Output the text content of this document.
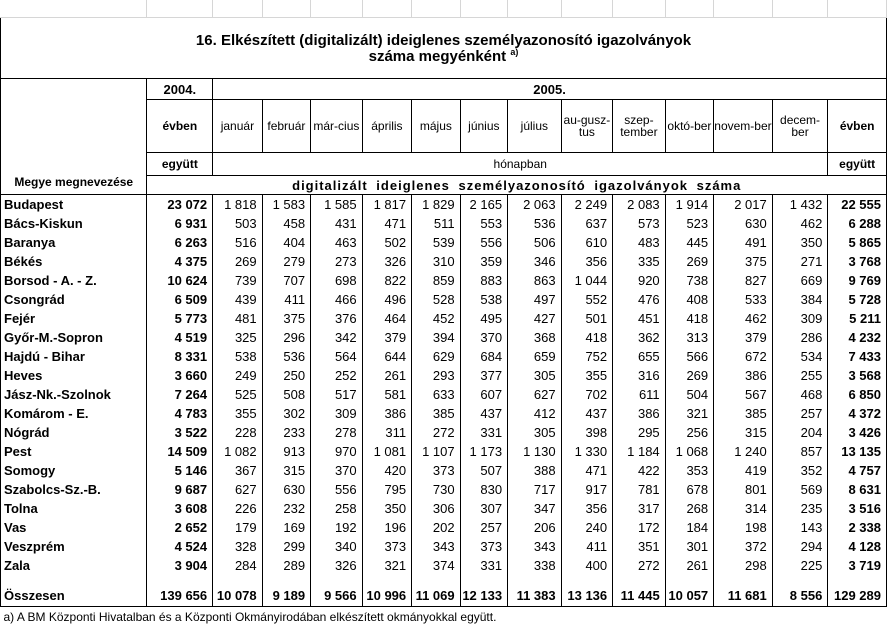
16. Elkészített (digitalizált) ideiglenes személyazonosító igazolványok
száma megyénként $^{a)}$

Megye megnevezése	2004.	2005.												
	évben	január	február	már-cius	április	május	június	július	au-gusz-tus	szep-tember	októ-ber	novem-ber	decem-ber	évben
	együtt	hónapban												együtt
	digitalizált ideiglenes személyazonosító igazolványok száma													
Budapest	23 072	1 818	1 583	1 585	1 817	1 829	2 165	2 063	2 249	2 083	1 914	2 017	1 432	22 555
Bács-Kiskun	6 931	503	458	431	471	511	553	536	637	573	523	630	462	6 288
Baranya	6 263	516	404	463	502	539	556	506	610	483	445	491	350	5 865
Békés	4 375	269	279	273	326	310	359	346	356	335	269	375	271	3 768
Borsod - A. - Z.	10 624	739	707	698	822	859	883	863	1 044	920	738	827	669	9 769
Csongrád	6 509	439	411	466	496	528	538	497	552	476	408	533	384	5 728
Fejér	5 773	481	375	376	464	452	495	427	501	451	418	462	309	5 211
Győr-M.-Sopron	4 519	325	296	342	379	394	370	368	418	362	313	379	286	4 232
Hajdú - Bihar	8 331	538	536	564	644	629	684	659	752	655	566	672	534	7 433
Heves	3 660	249	250	252	261	293	377	305	355	316	269	386	255	3 568
Jász-Nk.-Szolnok	7 264	525	508	517	581	633	607	627	702	611	504	567	468	6 850
Komárom - E.	4 783	355	302	309	386	385	437	412	437	386	321	385	257	4 372
Nógrád	3 522	228	233	278	311	272	331	305	398	295	256	315	204	3 426
Pest	14 509	1 082	913	970	1 081	1 107	1 173	1 130	1 330	1 184	1 068	1 240	857	13 135
Somogy	5 146	367	315	370	420	373	507	388	471	422	353	419	352	4 757
Szabolcs-Sz.-B.	9 687	627	630	556	795	730	830	717	917	781	678	801	569	8 631
Tolna	3 608	226	232	258	350	306	307	347	356	317	268	314	235	3 516
Vas	2 652	179	169	192	196	202	257	206	240	172	184	198	143	2 338
Veszprém	4 524	328	299	340	373	343	373	343	411	351	301	372	294	4 128
Zala	3 904	284	289	326	321	374	331	338	400	272	261	298	225	3 719

Összesen	139 656	10 078	9 189	9 566	10 996	11 069	12 133	11 383	13 136	11 445	10 057	11 681	8 556	129 289
a) A BM Központi Hivatalban és a Központi Okmányirodában elkészített okmányokkal együtt.														
